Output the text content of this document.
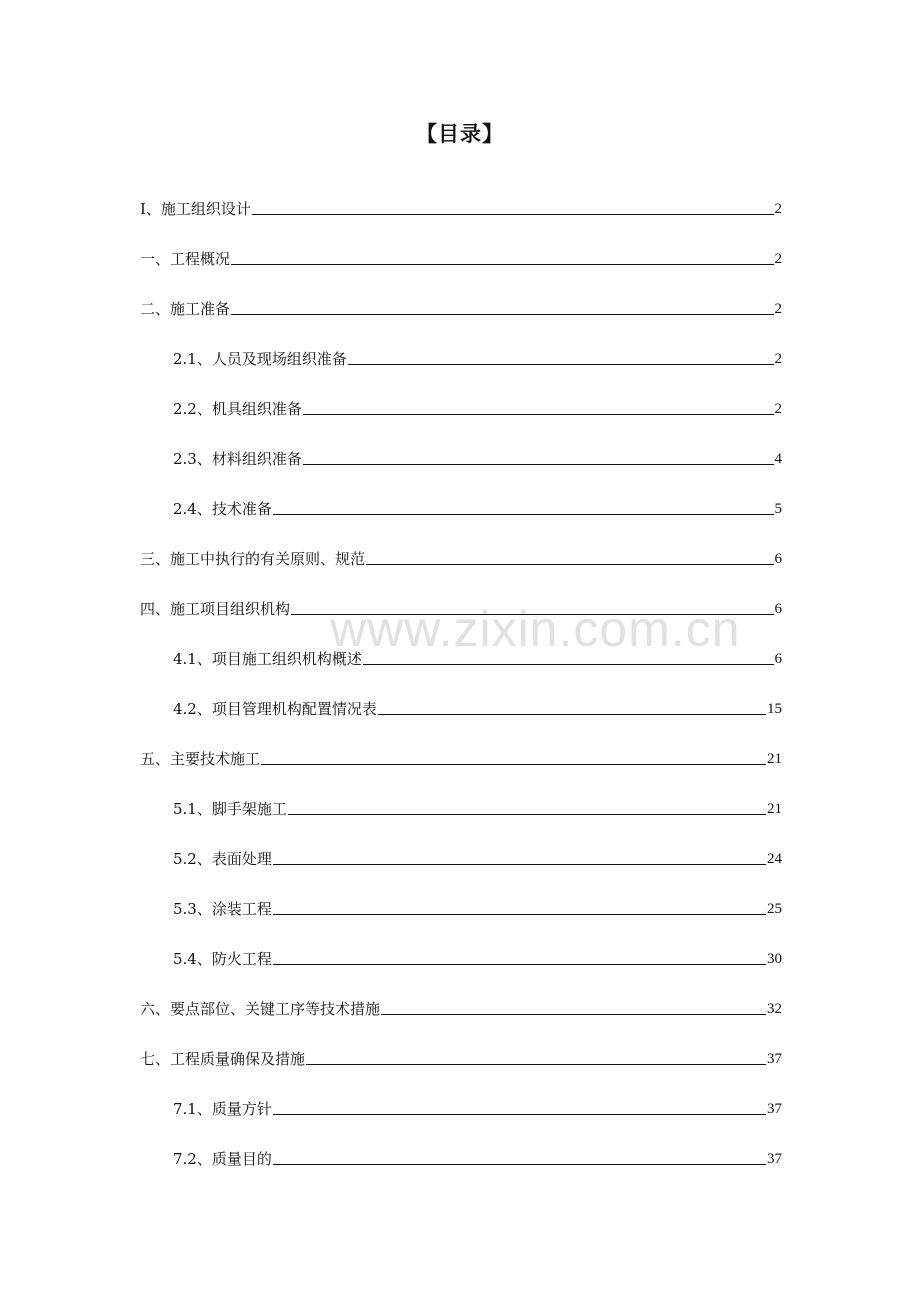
【目录】
I、施工组织设计	2
一、工程概况	2
二、施工准备	2
2.1、人员及现场组织准备	2
2.2、机具组织准备	2
2.3、材料组织准备	4
2.4、技术准备	5
三、施工中执行的有关原则、规范	6
四、施工项目组织机构	6
4.1、项目施工组织机构概述	6
4.2、项目管理机构配置情况表	15
五、主要技术施工	21
5.1、脚手架施工	21
5.2、表面处理	24
5.3、涂装工程	25
5.4、防火工程	30
六、要点部位、关键工序等技术措施	32
七、工程质量确保及措施	37
7.1、质量方针	37
7.2、质量目的	37
www.zixin.com.cn
